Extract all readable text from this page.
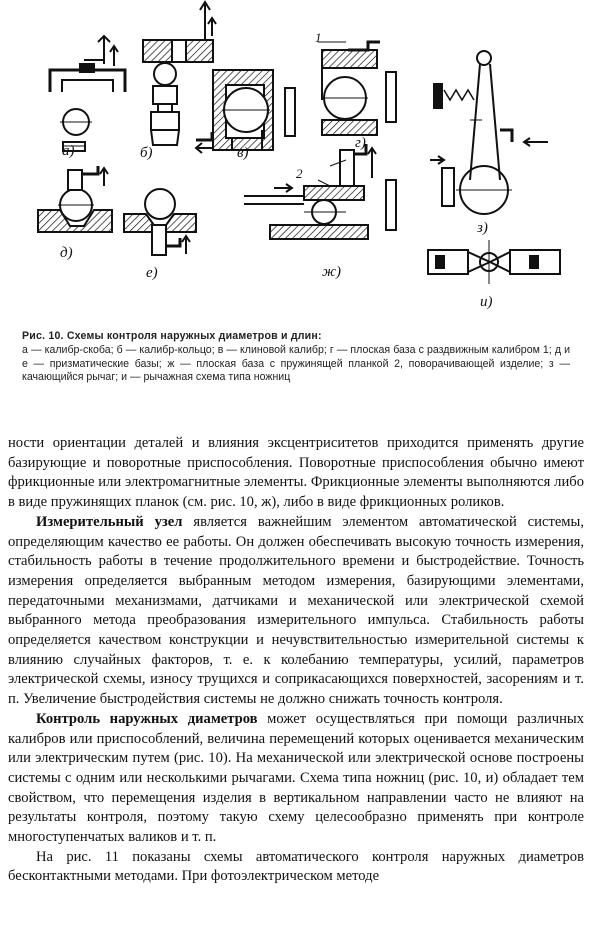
а)	б)	в)
г)
д)
е)	ж)
з)
и)
1
2
Рис. 10. Схемы контроля наружных диаметров и длин:
а — калибр-скоба; б — калибр-кольцо; в — клиновой калибр; г — плоская база с раздвижным калибром 1; д и е — призматические базы; ж — плоская база с пружинящей планкой 2, поворачивающей изделие; з — качающийся рычаг; и — рычажная схема типа ножниц

ности ориентации деталей и влияния эксцентриситетов приходится применять другие базирующие и поворотные приспособления. Поворотные приспособления обычно имеют фрикционные или электромагнитные элементы. Фрикционные элементы выполняются либо в виде пружинящих планок (см. рис. 10, ж), либо в виде фрикционных роликов.

Измерительный узел является важнейшим элементом автоматической системы, определяющим качество ее работы. Он должен обеспечивать высокую точность измерения, стабильность работы в течение продолжительного времени и быстродействие. Точность измерения определяется выбранным методом измерения, базирующими элементами, передаточными механизмами, датчиками и механической или электрической схемой выбранного метода преобразования измерительного импульса. Стабильность работы определяется качеством конструкции и нечувствительностью измерительной системы к влиянию случайных факторов, т. е. к колебанию температуры, усилий, параметров электрической схемы, износу трущихся и соприкасающихся поверхностей, засорениям и т. п. Увеличение быстродействия системы не должно снижать точность контроля.

Контроль наружных диаметров может осуществляться при помощи различных калибров или приспособлений, величина перемещений которых оценивается механическим или электрическим путем (рис. 10). На механической или электрической основе построены системы с одним или несколькими рычагами. Схема типа ножниц (рис. 10, и) обладает тем свойством, что перемещения изделия в вертикальном направлении часто не влияют на результаты контроля, поэтому такую схему целесообразно применять при контроле многоступенчатых валиков и т. п.

На рис. 11 показаны схемы автоматического контроля наружных диаметров бесконтактными методами. При фотоэлектрическом методе
